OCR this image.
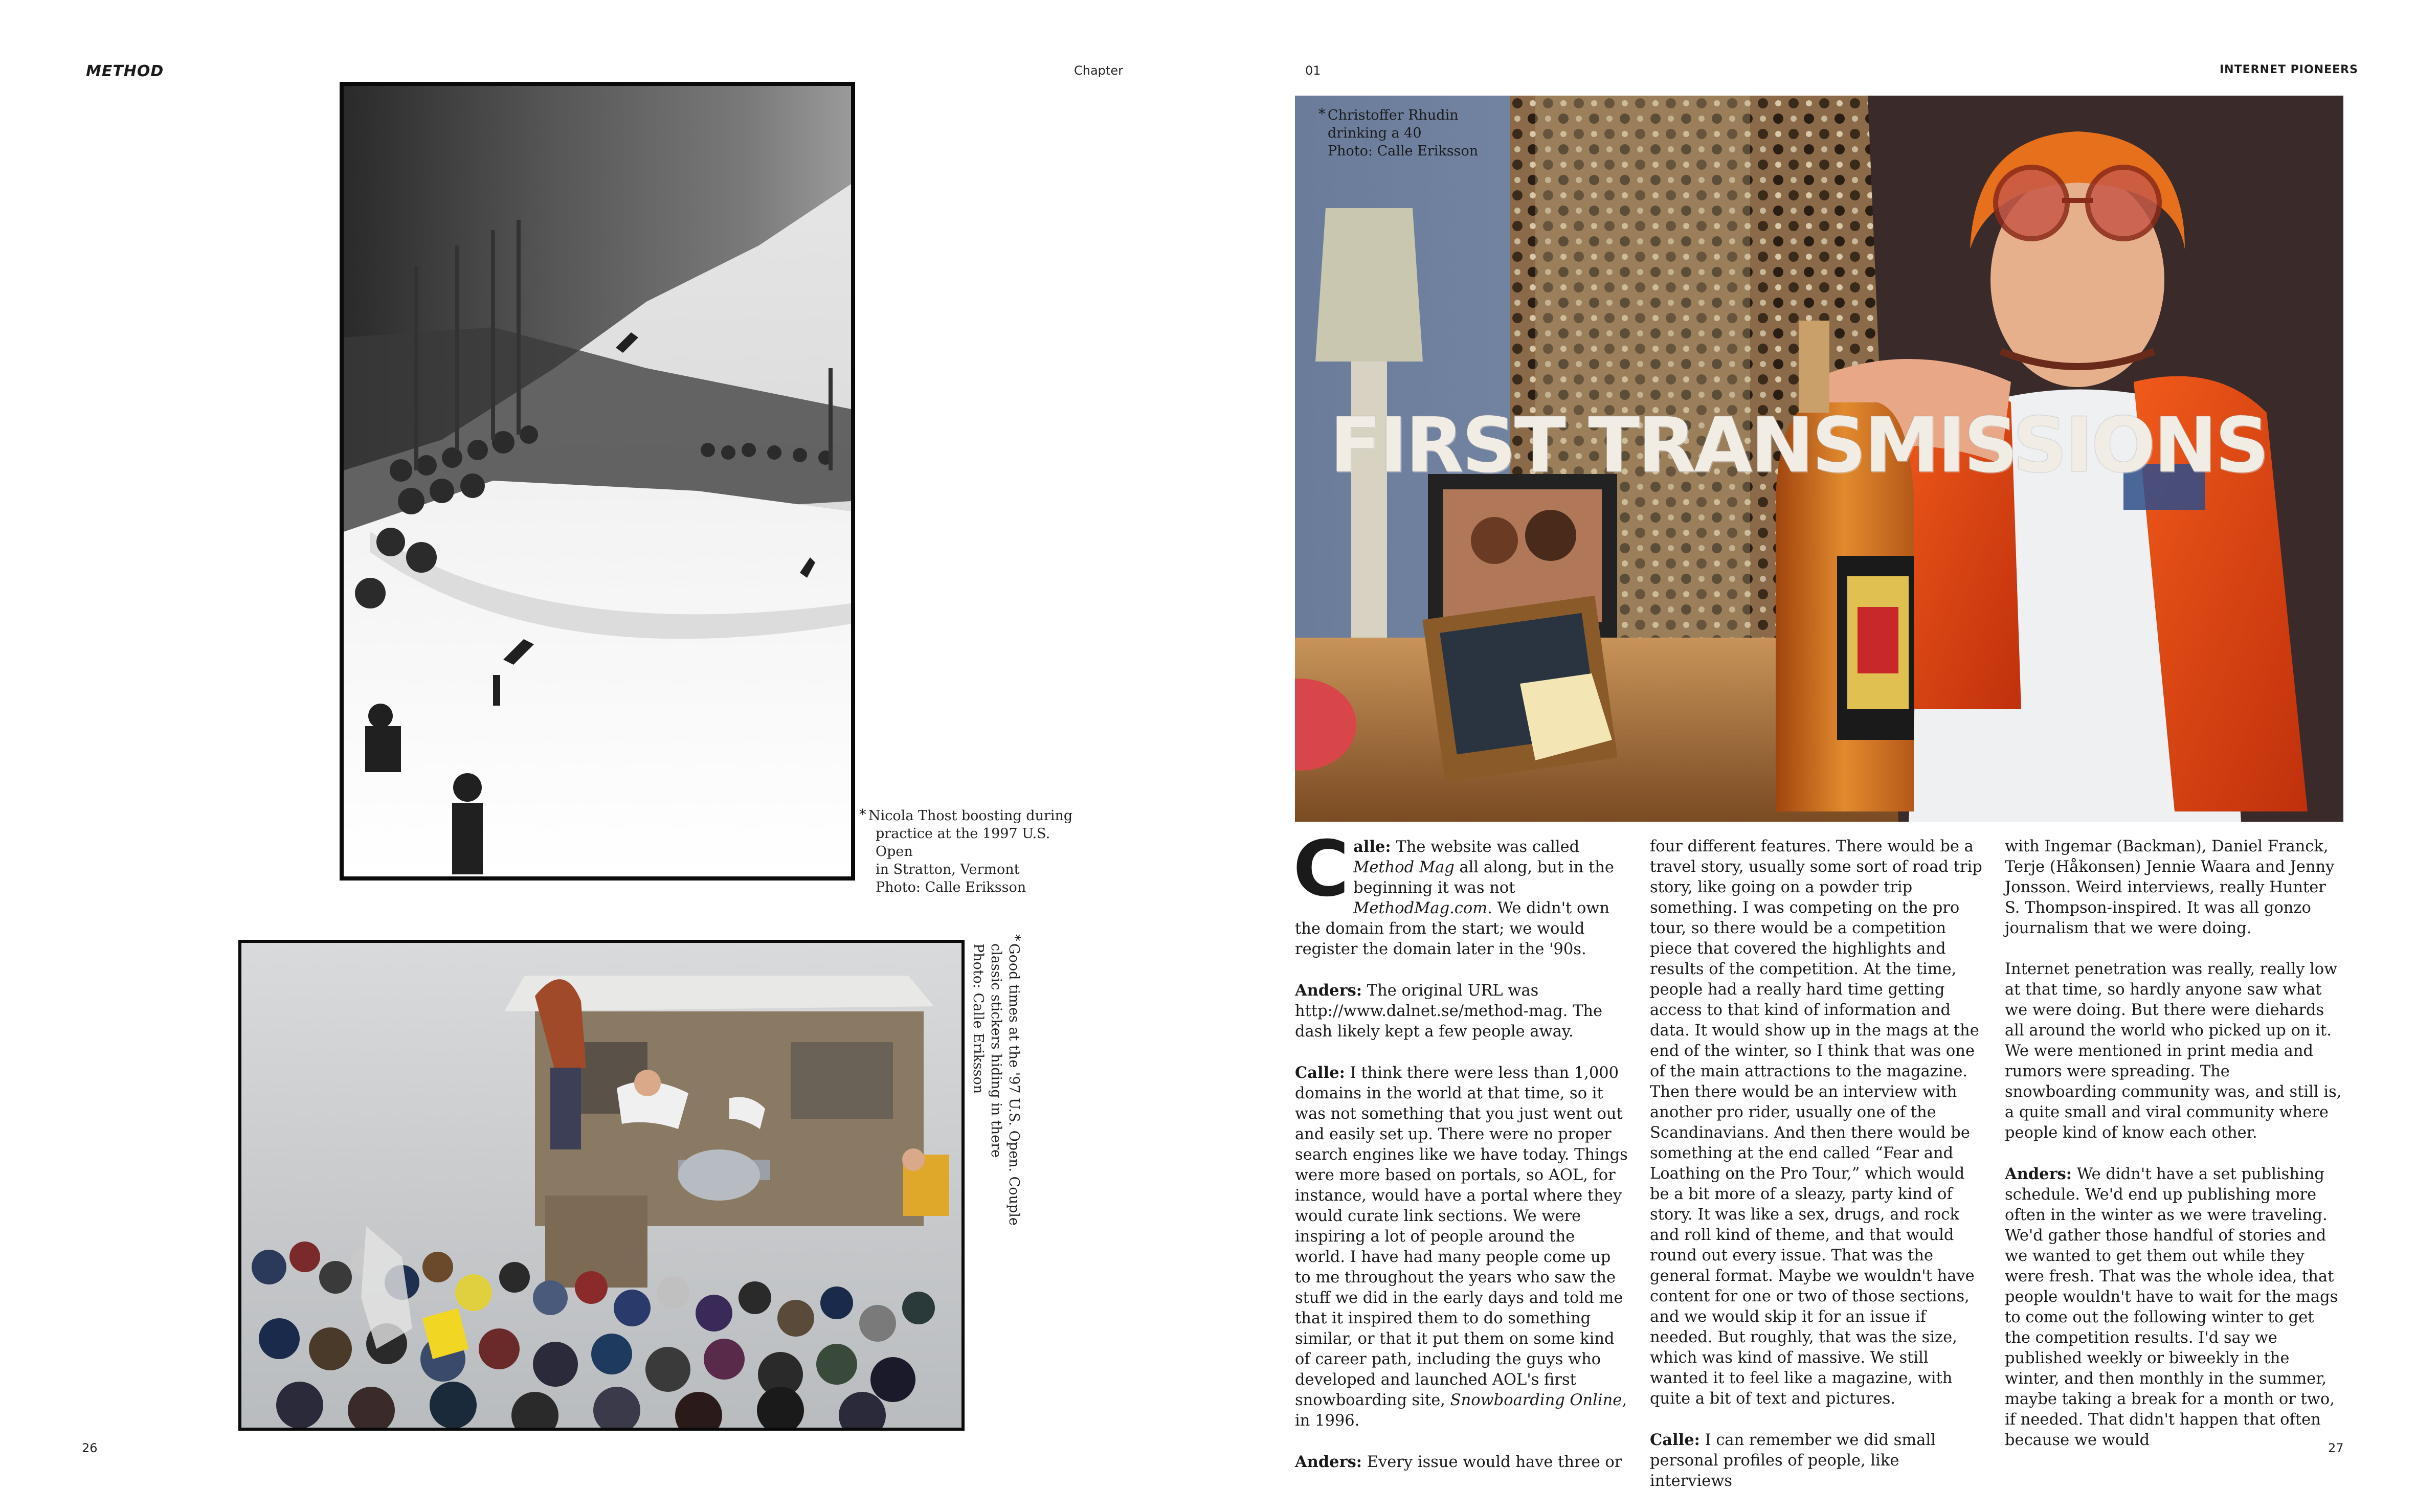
METHOD	Chapter
* Nicola Thost boosting during
practice at the 1997 U.S. Open
in Stratton, Vermont
Photo: Calle Eriksson
*
Good times at the '97 U.S. Open. Couple
classic stickers hiding in there
Photo: Calle Eriksson
26
01	INTERNET PIONEERS
FIRST TRANSMISSIONS
* Christoffer Rhudin
drinking a 40
Photo: Calle Eriksson

Calle: The website was called Method Mag all along, but in the beginning it was not MethodMag.com. We didn't own the domain from the start; we would register the domain later in the '90s.

Anders: The original URL was http://www.dalnet.se/method-mag. The dash likely kept a few people away.

Calle: I think there were less than 1,000 domains in the world at that time, so it was not something that you just went out and easily set up. There were no proper search engines like we have today. Things were more based on portals, so AOL, for instance, would have a portal where they would curate link sections. We were inspiring a lot of people around the world. I have had many people come up to me throughout the years who saw the stuff we did in the early days and told me that it inspired them to do something similar, or that it put them on some kind of career path, including the guys who developed and launched AOL's first snowboarding site, Snowboarding Online, in 1996.

Anders: Every issue would have three or

four different features. There would be a travel story, usually some sort of road trip story, like going on a powder trip something. I was competing on the pro tour, so there would be a competition piece that covered the highlights and results of the competition. At the time, people had a really hard time getting access to that kind of information and data. It would show up in the mags at the end of the winter, so I think that was one of the main attractions to the magazine. Then there would be an interview with another pro rider, usually one of the Scandinavians. And then there would be something at the end called “Fear and Loathing on the Pro Tour,” which would be a bit more of a sleazy, party kind of story. It was like a sex, drugs, and rock and roll kind of theme, and that would round out every issue. That was the general format. Maybe we wouldn't have content for one or two of those sections, and we would skip it for an issue if needed. But roughly, that was the size, which was kind of massive. We still wanted it to feel like a magazine, with quite a bit of text and pictures.

Calle: I can remember we did small personal profiles of people, like interviews

with Ingemar (Backman), Daniel Franck, Terje (Håkonsen) Jennie Waara and Jenny Jonsson. Weird interviews, really Hunter S. Thompson-inspired. It was all gonzo journalism that we were doing.

Internet penetration was really, really low at that time, so hardly anyone saw what we were doing. But there were diehards all around the world who picked up on it. We were mentioned in print media and rumors were spreading. The snowboarding community was, and still is, a quite small and viral community where people kind of know each other.

Anders: We didn't have a set publishing schedule. We'd end up publishing more often in the winter as we were traveling. We'd gather those handful of stories and we wanted to get them out while they were fresh. That was the whole idea, that people wouldn't have to wait for the mags to come out the following winter to get the competition results. I'd say we published weekly or biweekly in the winter, and then monthly in the summer, maybe taking a break for a month or two, if needed. That didn't happen that often because we would	27
